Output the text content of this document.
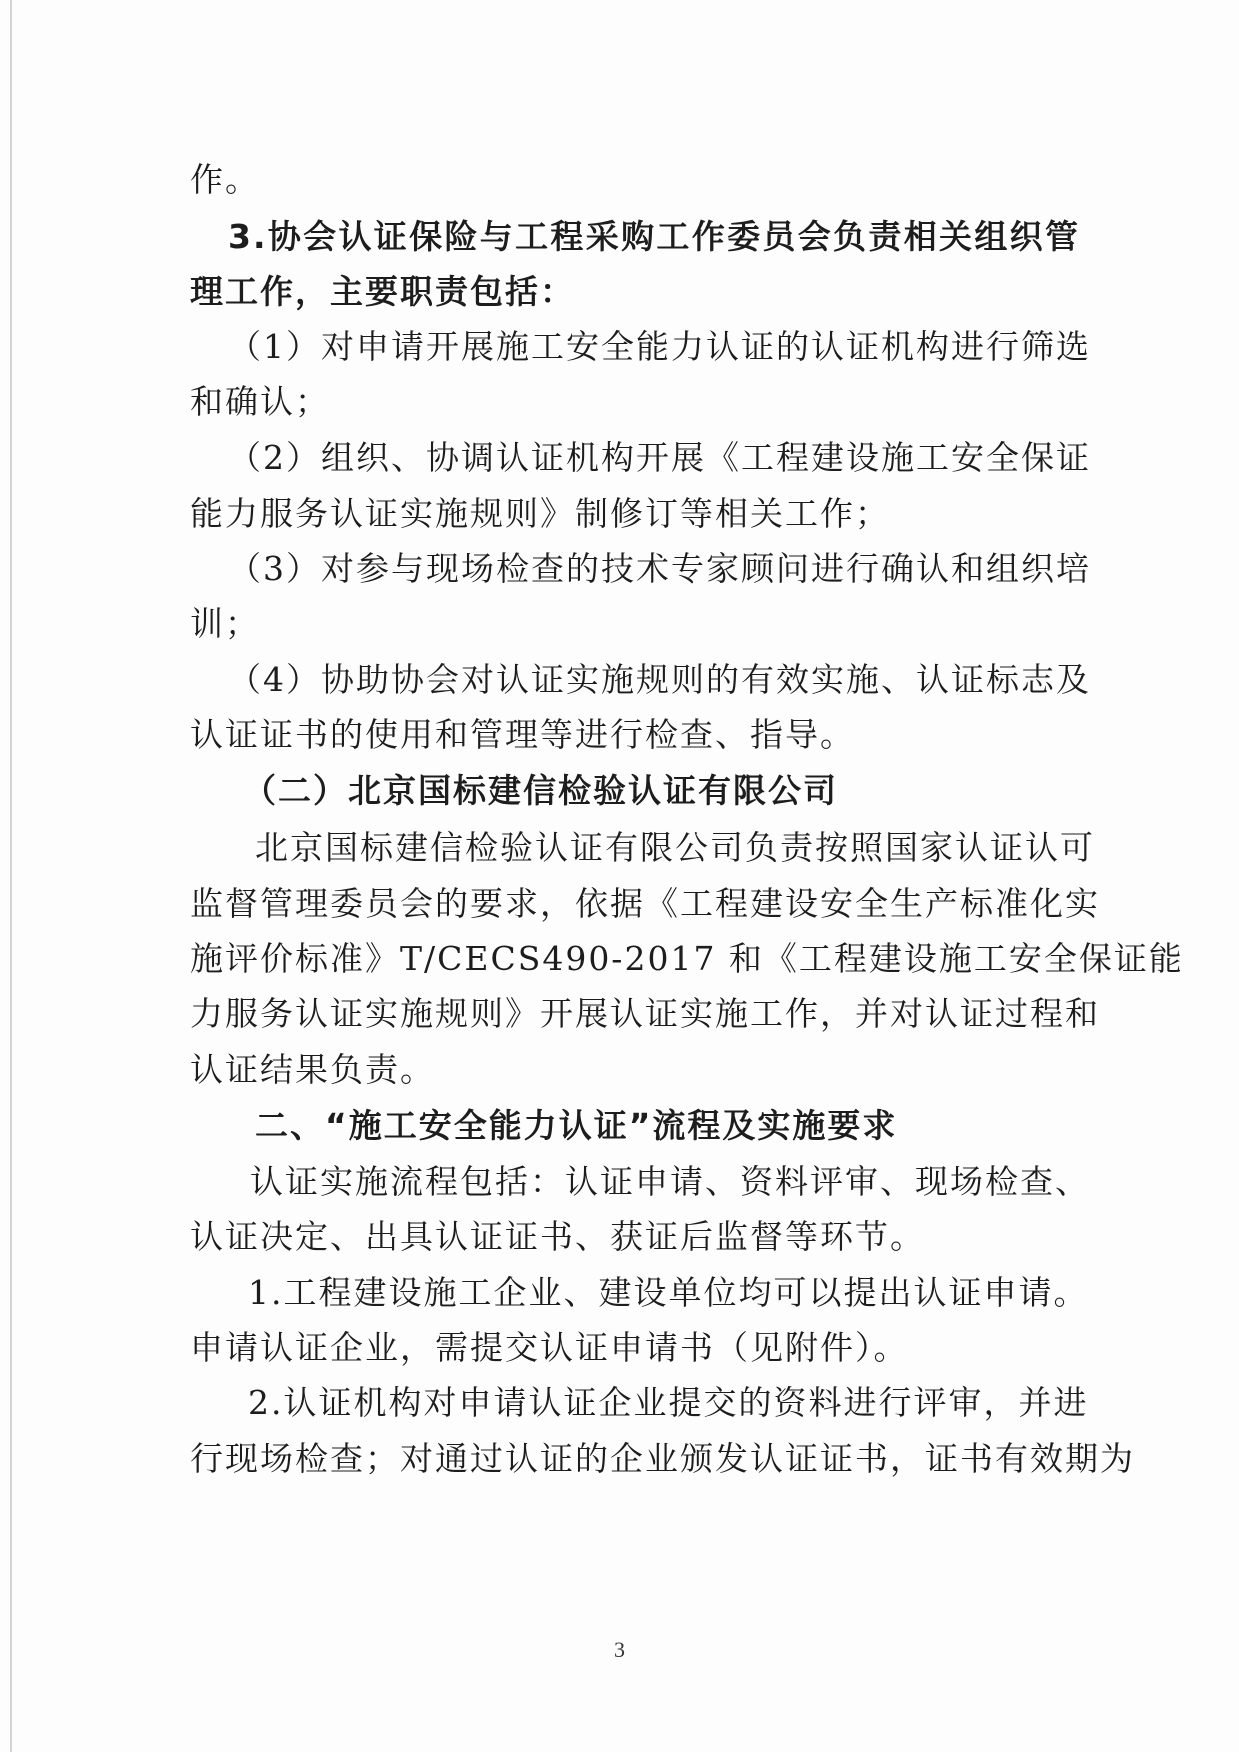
作。
3.协会认证保险与工程采购工作委员会负责相关组织管
理工作，主要职责包括：
（1）对申请开展施工安全能力认证的认证机构进行筛选
和确认；
（2）组织、协调认证机构开展《工程建设施工安全保证
能力服务认证实施规则》制修订等相关工作；
（3）对参与现场检查的技术专家顾问进行确认和组织培
训；
（4）协助协会对认证实施规则的有效实施、认证标志及
认证证书的使用和管理等进行检查、指导。
（二）北京国标建信检验认证有限公司
北京国标建信检验认证有限公司负责按照国家认证认可
监督管理委员会的要求，依据《工程建设安全生产标准化实
施评价标准》T/CECS490-2017 和《工程建设施工安全保证能
力服务认证实施规则》开展认证实施工作，并对认证过程和
认证结果负责。
二、“施工安全能力认证”流程及实施要求
认证实施流程包括：认证申请、资料评审、现场检查、
认证决定、出具认证证书、获证后监督等环节。
1.工程建设施工企业、建设单位均可以提出认证申请。
申请认证企业，需提交认证申请书（见附件）。
2.认证机构对申请认证企业提交的资料进行评审，并进
行现场检查；对通过认证的企业颁发认证证书，证书有效期为
3
